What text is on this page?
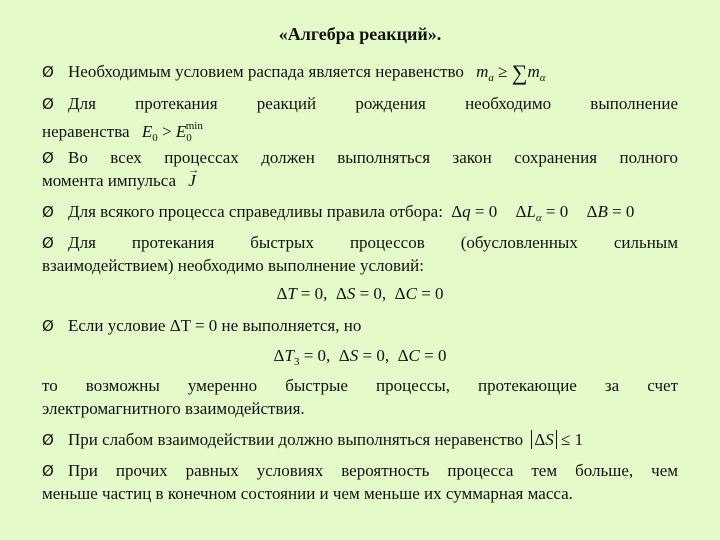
«Алгебра реакций».
Ø Необходимым условием распада является неравенство $m_a \ge \sum m_\alpha$
Ø Для протекания реакций рождения необходимо выполнение
неравенства $E_0 > E_0^{min}$
Ø Во всех процессах должен выполняться закон сохранения полного
момента импульса → J
Ø Для всякого процесса справедливы правила отбора: Δq = 0 $\Delta L_\alpha = 0$ ΔB = 0
Ø Для протекания быстрых процессов (обусловленных сильным
взаимодействием) необходимо выполнение условий:
ΔT = 0,  ΔS = 0,  ΔC = 0
Ø Если условие ΔT = 0 не выполняется, но
$\Delta T_3 = 0$,  ΔS = 0,  ΔC = 0
то возможны умеренно быстрые процессы, протекающие за счет
электромагнитного взаимодействия.
Ø При слабом взаимодействии должно выполняться неравенство ΔS ≤ 1
Ø При прочих равных условиях вероятность процесса тем больше, чем
меньше частиц в конечном состоянии и чем меньше их суммарная масса.
